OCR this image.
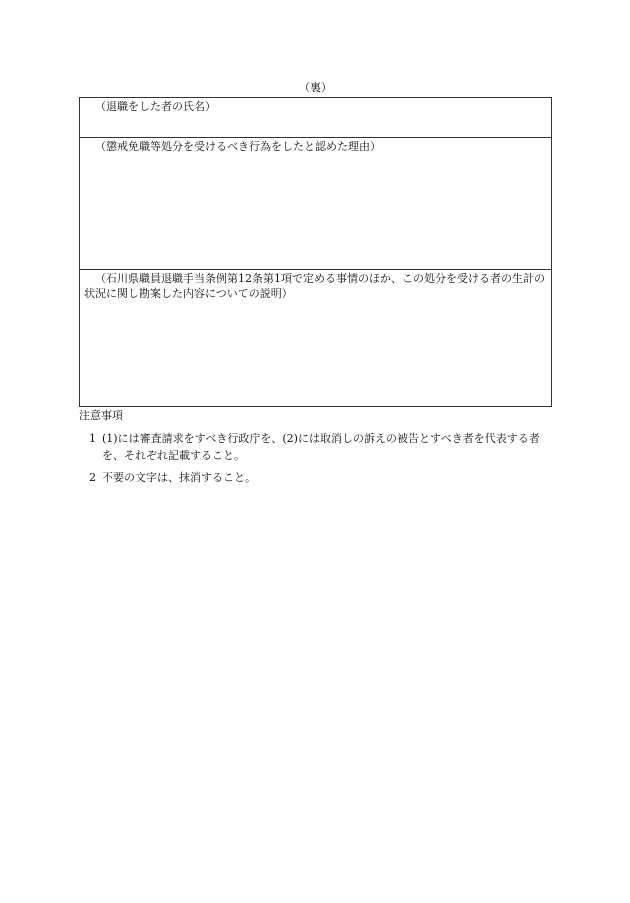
（裏）
（退職をした者の氏名）
（懲戒免職等処分を受けるべき行為をしたと認めた理由）
（石川県職員退職手当条例第12条第1項で定める事情のほか、この処分を受ける者の生計の状況に関し勘案した内容についての説明）
注意事項
1 (1)には審査請求をすべき行政庁を、(2)には取消しの訴えの被告とすべき者を代表する者を、それぞれ記載すること。
2 不要の文字は、抹消すること。
